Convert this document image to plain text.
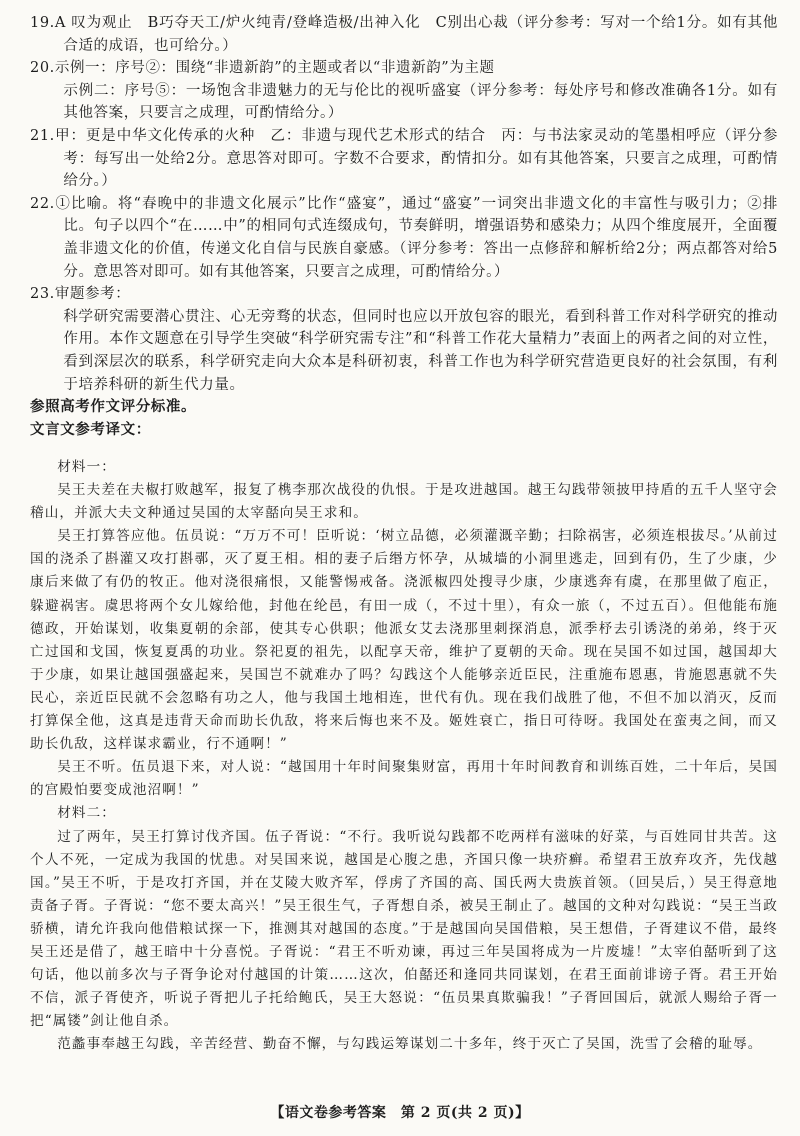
19.A 叹为观止　B巧夺天工/炉火纯青/登峰造极/出神入化　C别出心裁（评分参考：写对一个给1分。如有其他合适的成语，也可给分。）

20.示例一：序号②：围绕“非遗新韵”的主题或者以“非遗新韵”为主题

示例二：序号⑤：一场饱含非遗魅力的无与伦比的视听盛宴（评分参考：每处序号和修改准确各1分。如有其他答案，只要言之成理，可酌情给分。）

21.甲：更是中华文化传承的火种　乙：非遗与现代艺术形式的结合　丙：与书法家灵动的笔墨相呼应（评分参考：每写出一处给2分。意思答对即可。字数不合要求，酌情扣分。如有其他答案，只要言之成理，可酌情给分。）

22.①比喻。将“春晚中的非遗文化展示”比作“盛宴”，通过“盛宴”一词突出非遗文化的丰富性与吸引力；②排比。句子以四个“在……中”的相同句式连缀成句，节奏鲜明，增强语势和感染力；从四个维度展开，全面覆盖非遗文化的价值，传递文化自信与民族自豪感。（评分参考：答出一点修辞和解析给2分；两点都答对给5分。意思答对即可。如有其他答案，只要言之成理，可酌情给分。）

23.审题参考：

科学研究需要潜心贯注、心无旁骛的状态，但同时也应以开放包容的眼光，看到科普工作对科学研究的推动作用。本作文题意在引导学生突破“科学研究需专注”和“科普工作花大量精力”表面上的两者之间的对立性，看到深层次的联系，科学研究走向大众本是科研初衷，科普工作也为科学研究营造更良好的社会氛围，有利于培养科研的新生代力量。

参照高考作文评分标准。

文言文参考译文：

材料一：

吴王夫差在夫椒打败越军，报复了槜李那次战役的仇恨。于是攻进越国。越王勾践带领披甲持盾的五千人坚守会稽山，并派大夫文种通过吴国的太宰嚭向吴王求和。

吴王打算答应他。伍员说：“万万不可！臣听说：‘树立品德，必须灌溉辛勤；扫除祸害，必须连根拔尽。’从前过国的浇杀了斟灌又攻打斟鄩，灭了夏王相。相的妻子后缗方怀孕，从城墙的小洞里逃走，回到有仍，生了少康，少康后来做了有仍的牧正。他对浇很痛恨，又能警惕戒备。浇派椒四处搜寻少康，少康逃奔有虞，在那里做了庖正，躲避祸害。虞思将两个女儿嫁给他，封他在纶邑，有田一成（，不过十里），有众一旅（，不过五百）。但他能布施德政，开始谋划，收集夏朝的余部，使其专心供职；他派女艾去浇那里刺探消息，派季杼去引诱浇的弟弟，终于灭亡过国和戈国，恢复夏禹的功业。祭祀夏的祖先，以配享天帝，维护了夏朝的天命。现在吴国不如过国，越国却大于少康，如果让越国强盛起来，吴国岂不就难办了吗？勾践这个人能够亲近臣民，注重施布恩惠，肯施恩惠就不失民心，亲近臣民就不会忽略有功之人，他与我国土地相连，世代有仇。现在我们战胜了他，不但不加以消灭，反而打算保全他，这真是违背天命而助长仇敌，将来后悔也来不及。姬姓衰亡，指日可待呀。我国处在蛮夷之间，而又助长仇敌，这样谋求霸业，行不通啊！”

吴王不听。伍员退下来，对人说：“越国用十年时间聚集财富，再用十年时间教育和训练百姓，二十年后，吴国的宫殿怕要变成池沼啊！”

材料二：

过了两年，吴王打算讨伐齐国。伍子胥说：“不行。我听说勾践都不吃两样有滋味的好菜，与百姓同甘共苦。这个人不死，一定成为我国的忧患。对吴国来说，越国是心腹之患，齐国只像一块疥癣。希望君王放弃攻齐，先伐越国。”吴王不听，于是攻打齐国，并在艾陵大败齐军，俘虏了齐国的高、国氏两大贵族首领。（回吴后，）吴王得意地责备子胥。子胥说：“您不要太高兴！”吴王很生气，子胥想自杀，被吴王制止了。越国的文种对勾践说：“吴王当政骄横，请允许我向他借粮试探一下，推测其对越国的态度。”于是越国向吴国借粮，吴王想借，子胥建议不借，最终吴王还是借了，越王暗中十分喜悦。子胥说：“君王不听劝谏，再过三年吴国将成为一片废墟！”太宰伯嚭听到了这句话，他以前多次与子胥争论对付越国的计策……这次，伯嚭还和逢同共同谋划，在君王面前诽谤子胥。君王开始不信，派子胥使齐，听说子胥把儿子托给鲍氏，吴王大怒说：“伍员果真欺骗我！”子胥回国后，就派人赐给子胥一把“属镂”剑让他自杀。

范蠡事奉越王勾践，辛苦经营、勤奋不懈，与勾践运筹谋划二十多年，终于灭亡了吴国，洗雪了会稽的耻辱。

【语文卷参考答案　第 2 页(共 2 页)】
